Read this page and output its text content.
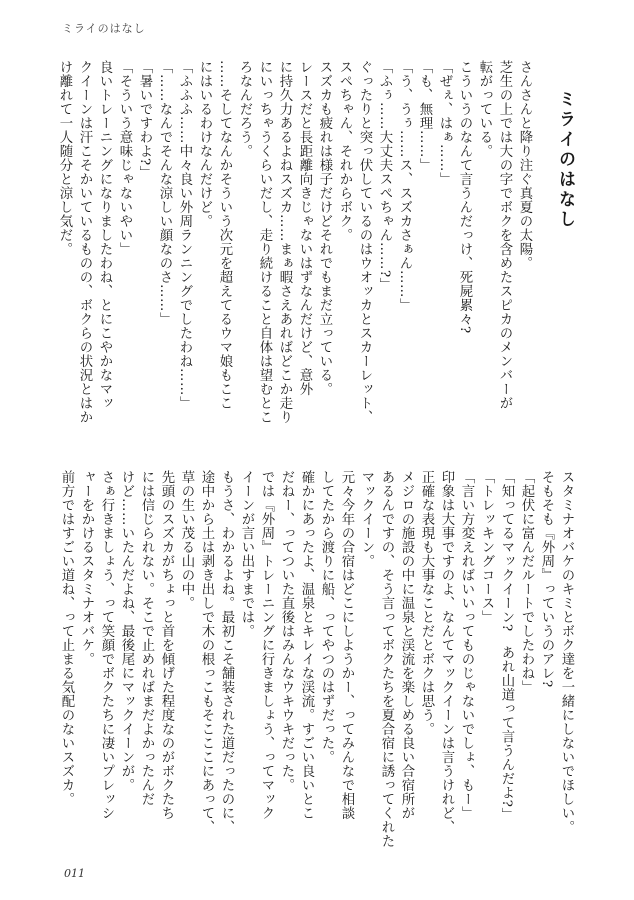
ミライのはなし
ミライのはなし

さんさんと降り注ぐ真夏の太陽。

芝生の上では大の字でボクを含めたスピカのメンバーが

転がっている。

こういうのなんて言うんだっけ、死屍累々?

「ぜぇ、はぁ……」

「も、無理……」

「う、うぅ……ス、スズカさぁん……」

「ふぅ……大丈夫スぺちゃん……?」

ぐったりと突っ伏しているのはウオッカとスカーレット、

スペちゃん、それからボク。

スズカも疲れは様子だけどそれでもまだ立っている。

レースだと長距離向きじゃないはずなんだけど、意外

に持久力あるよねスズカ……まぁ暇さえあればどこか走り

にいっちゃうくらいだし、走り続けること自体は望むとこ

ろなんだろう。

……そしてなんかそういう次元を超えてるウマ娘もここ

にはいるわけなんだけど。

「ふふふ……中々良い外周ランニングでしたわね……」

「……なんでそんな涼しい顔なのさ……」

「暑いですわよ?」

「そういう意味じゃないやい」

良いトレーニングになりましたわね、とにこやかなマッ

クイーンは汗こそかいているものの、ボクらの状況とはか

け離れて一人随分と涼し気だ。

スタミナオバケのキミとボク達を一緒にしないでほしい。

そもそも『外周』っていうのアレ?

「起伏に富んだルートでしたわね」

「知ってるマックイーン?　あれ山道って言うんだよ?」

「トレッキングコース」

「言い方変えればいいってものじゃないでしょ、もー」

印象は大事ですのよ、なんてマックイーンは言うけれど、

正確な表現も大事なことだとボクは思う。

メジロの施設の中に温泉と渓流を楽しめる良い合宿所が

あるんですの、そう言ってボクたちを夏合宿に誘ってくれた

マックイーン。

元々今年の合宿はどこにしようかー、ってみんなで相談

してたから渡りに船、ってやつのはずだった。

確かにあったよ、温泉とキレイな渓流。すごい良いとこ

だねー、ってついた直後はみんなウキウキだった。

では『外周』トレーニングに行きましょう、ってマック

イーンが言い出すまでは。

もうさ、わかるよね。最初こそ舗装された道だったのに、

途中から土は剥き出しで木の根っこもそこここにあって、

草の生い茂る山の中。

先頭のスズカがちょっと首を傾げた程度なのがボクたち

には信じられない。そこで止めればまだよかったんだ

けど……いたんだよね、最後尾にマックイーンが。

さぁ行きましょう、って笑顔でボクたちに凄いプレッシ

ャーをかけるスタミナオバケ。

前方ではすごい道ね、って止まる気配のないスズカ。

011
